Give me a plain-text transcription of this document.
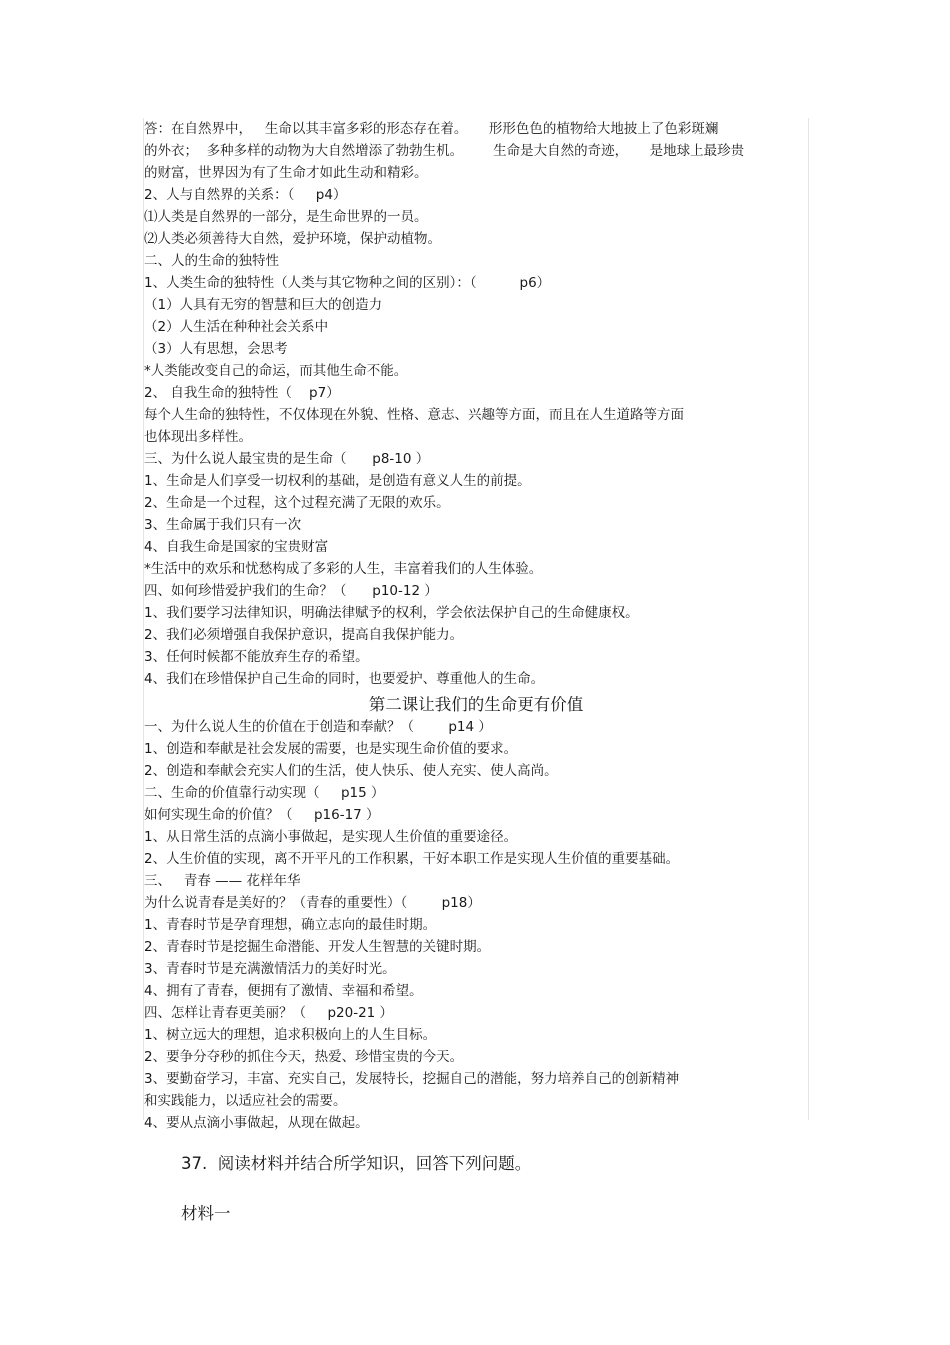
答：在自然界中，   生命以其丰富多彩的形态存在着。     形形色色的植物给大地披上了色彩斑斓
的外衣；  多种多样的动物为大自然增添了勃勃生机。       生命是大自然的奇迹，     是地球上最珍贵
的财富，世界因为有了生命才如此生动和精彩。
2、人与自然界的关系：（     p4）
⑴人类是自然界的一部分，是生命世界的一员。
⑵人类必须善待大自然，爱护环境，保护动植物。
二、人的生命的独特性
1、人类生命的独特性（人类与其它物种之间的区别）：（          p6）
（1）人具有无穷的智慧和巨大的创造力
（2）人生活在种种社会关系中
（3）人有思想，会思考
*人类能改变自己的命运，而其他生命不能。
2、 自我生命的独特性（    p7）
每个人生命的独特性，不仅体现在外貌、性格、意志、兴趣等方面，而且在人生道路等方面
也体现出多样性。
三、为什么说人最宝贵的是生命（      p8-10 ）
1、生命是人们享受一切权利的基础，是创造有意义人生的前提。
2、生命是一个过程，这个过程充满了无限的欢乐。
3、生命属于我们只有一次
4、自我生命是国家的宝贵财富
*生活中的欢乐和忧愁构成了多彩的人生，丰富着我们的人生体验。
四、如何珍惜爱护我们的生命？（      p10-12 ）
1、我们要学习法律知识，明确法律赋予的权利，学会依法保护自己的生命健康权。
2、我们必须增强自我保护意识，提高自我保护能力。
3、任何时候都不能放弃生存的希望。
4、我们在珍惜保护自己生命的同时，也要爱护、尊重他人的生命。
第二课让我们的生命更有价值
一、为什么说人生的价值在于创造和奉献？（        p14 ）
1、创造和奉献是社会发展的需要，也是实现生命价值的要求。
2、创造和奉献会充实人们的生活，使人快乐、使人充实、使人高尚。
二、生命的价值靠行动实现（     p15 ）
如何实现生命的价值？（     p16-17 ）
1、从日常生活的点滴小事做起，是实现人生价值的重要途径。
2、人生价值的实现，离不开平凡的工作积累，干好本职工作是实现人生价值的重要基础。
三、   青春 —— 花样年华
为什么说青春是美好的？（青春的重要性）（        p18）
1、青春时节是孕育理想，确立志向的最佳时期。
2、青春时节是挖掘生命潜能、开发人生智慧的关键时期。
3、青春时节是充满激情活力的美好时光。
4、拥有了青春，便拥有了激情、幸福和希望。
四、怎样让青春更美丽？（     p20-21 ）
1、树立远大的理想，追求积极向上的人生目标。
2、要争分夺秒的抓住今天，热爱、珍惜宝贵的今天。
3、要勤奋学习，丰富、充实自己，发展特长，挖掘自己的潜能，努力培养自己的创新精神
和实践能力，以适应社会的需要。
4、要从点滴小事做起，从现在做起。
37.  阅读材料并结合所学知识，回答下列问题。
材料一
